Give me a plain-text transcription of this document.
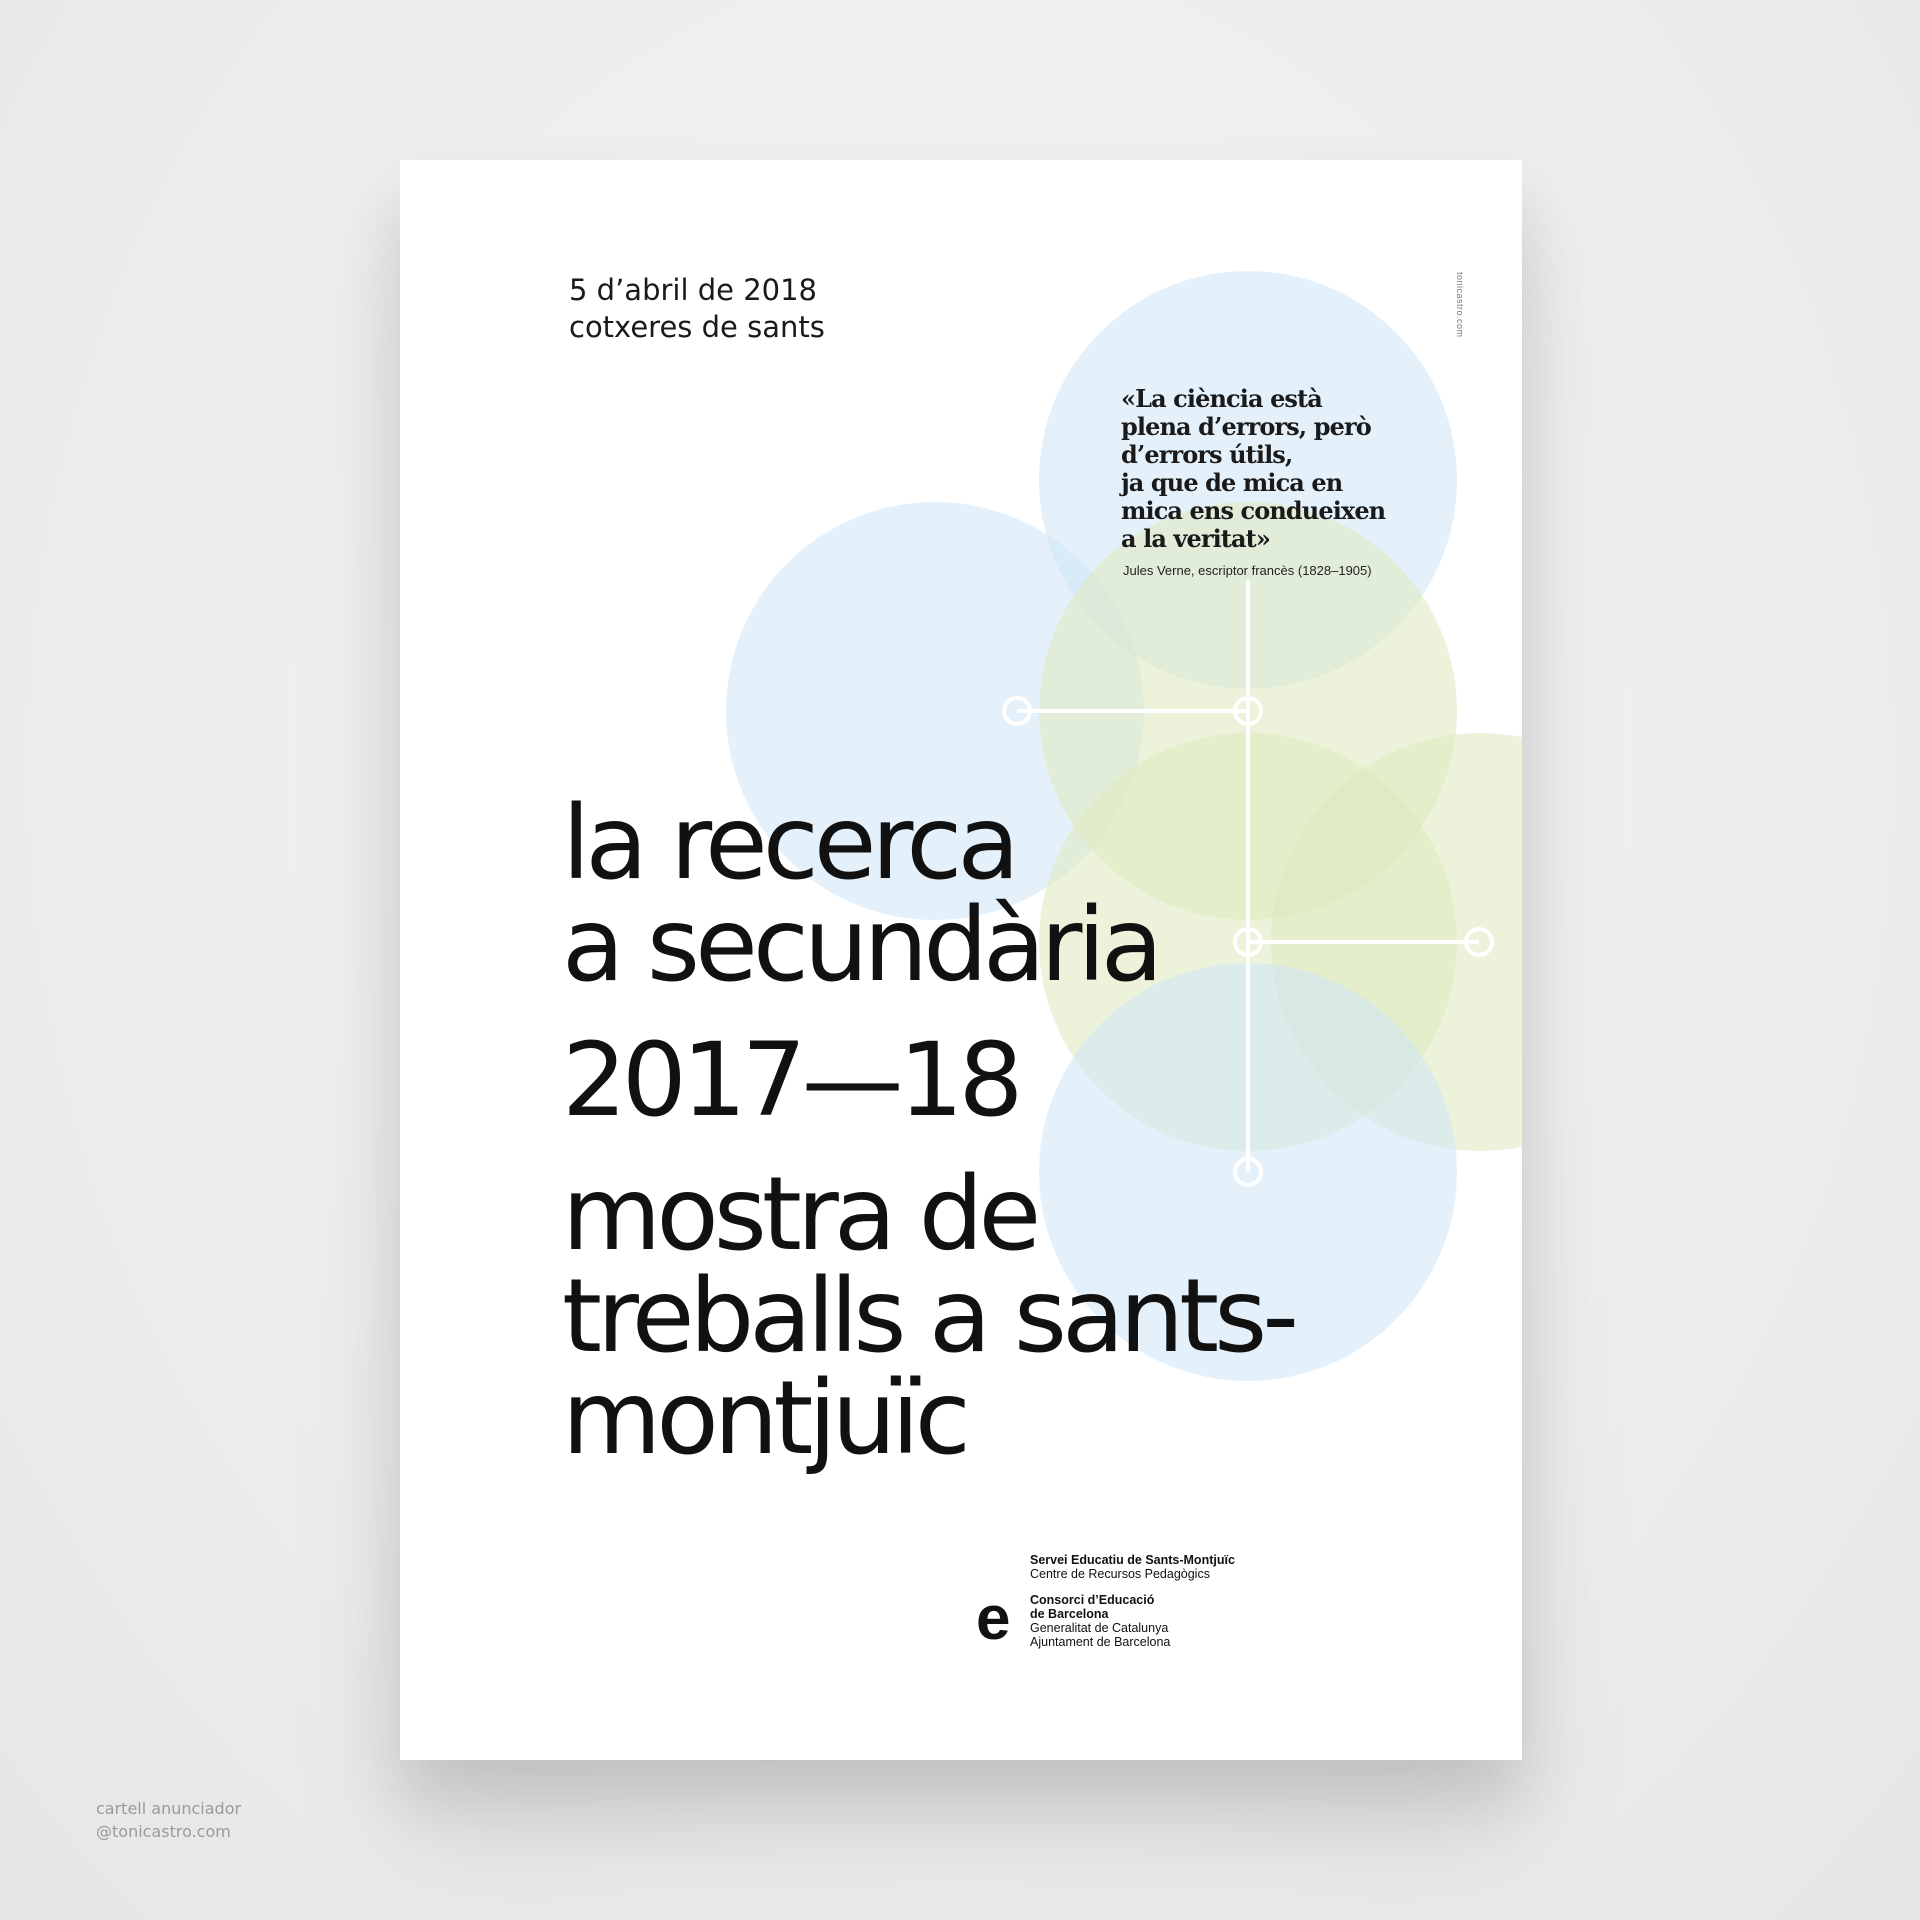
5 d’abril de 2018
cotxeres de sants	tonicastro.com
«La ciència està
plena d’errors, però
d’errors útils,
ja que de mica en
mica ens condueixen
a la veritat»
Jules Verne, escriptor francès (1828–1905)
la recerca
a secundària
2017—18
mostra de
treballs a sants-
montjuïc
Servei Educatiu de Sants-Montjuïc
Centre de Recursos Pedagògics
e	Consorci d’Educació
de Barcelona
Generalitat de Catalunya
Ajuntament de Barcelona
cartell anunciador
@tonicastro.com
